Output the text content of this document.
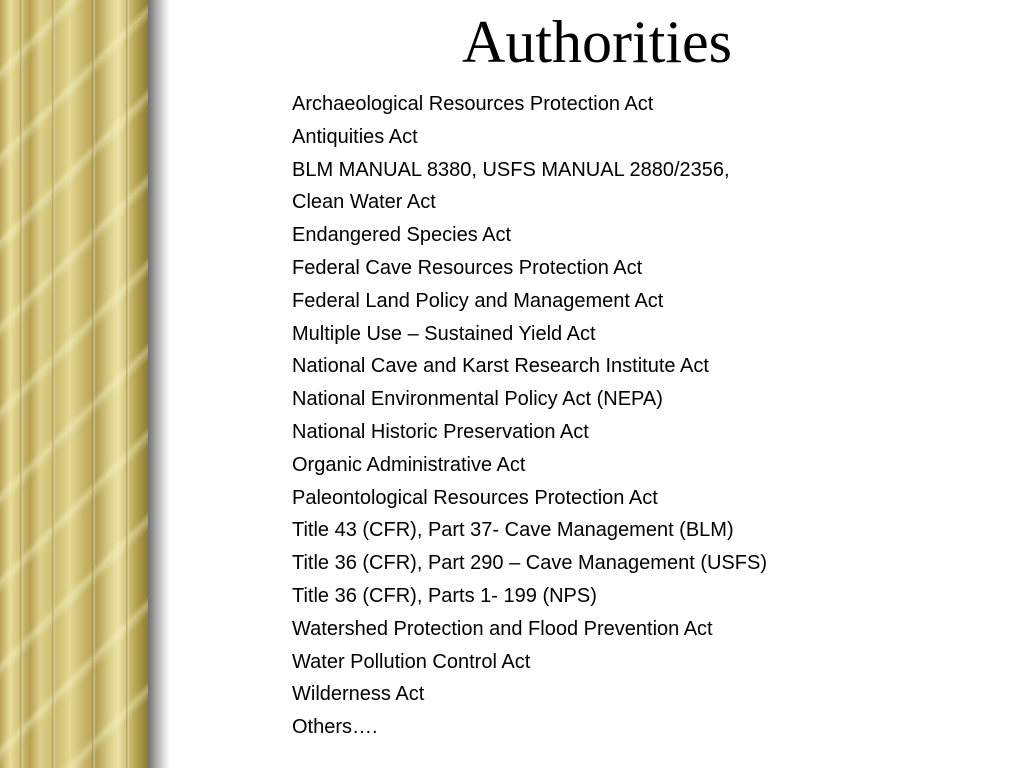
Authorities
Archaeological Resources Protection Act
Antiquities Act
BLM MANUAL 8380, USFS MANUAL 2880/2356,
Clean Water Act
Endangered Species Act
Federal Cave Resources Protection Act
Federal Land Policy and Management Act
Multiple Use – Sustained Yield Act
National Cave and Karst Research Institute Act
National Environmental Policy Act (NEPA)
National Historic Preservation Act
Organic Administrative Act
Paleontological Resources Protection Act
Title 43 (CFR), Part 37- Cave Management (BLM)
Title 36 (CFR), Part 290 – Cave Management (USFS)
Title 36 (CFR), Parts 1- 199 (NPS)
Watershed Protection and Flood Prevention Act
Water Pollution Control Act
Wilderness Act
Others….
